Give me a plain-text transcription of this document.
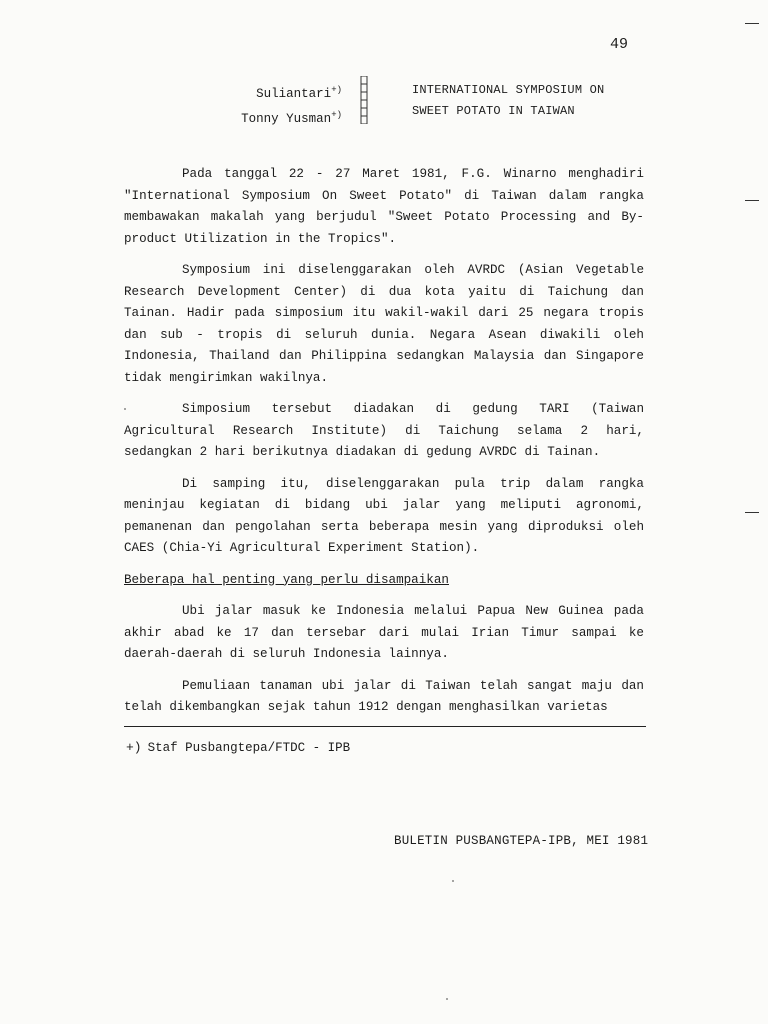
49
Suliantari+)
Tonny Yusman+)
INTERNATIONAL SYMPOSIUM ON
SWEET POTATO IN TAIWAN

Pada tanggal 22 - 27 Maret 1981, F.G. Winarno menghadiri "International Symposium On Sweet Potato" di Taiwan dalam rangka membawakan makalah yang berjudul "Sweet Potato Processing and By-product Utilization in the Tropics".

Symposium ini diselenggarakan oleh AVRDC (Asian Vegetable Research Development Center) di dua kota yaitu di Taichung dan Tainan. Hadir pada simposium itu wakil-wakil dari 25 negara tropis dan sub - tropis di seluruh dunia. Negara Asean diwakili oleh Indonesia, Thailand dan Philippina sedangkan Malaysia dan Singapore tidak mengirimkan wakilnya.

Simposium tersebut diadakan di gedung TARI (Taiwan Agricultural Research Institute) di Taichung selama 2 hari, sedangkan 2 hari berikutnya diadakan di gedung AVRDC di Tainan.

Di samping itu, diselenggarakan pula trip dalam rangka meninjau kegiatan di bidang ubi jalar yang meliputi agronomi, pemanenan dan pengolahan serta beberapa mesin yang diproduksi oleh CAES (Chia-Yi Agricultural Experiment Station).

Beberapa hal penting yang perlu disampaikan

Ubi jalar masuk ke Indonesia melalui Papua New Guinea pada akhir abad ke 17 dan tersebar dari mulai Irian Timur sampai ke daerah-daerah di seluruh Indonesia lainnya.

Pemuliaan tanaman ubi jalar di Taiwan telah sangat maju dan telah dikembangkan sejak tahun 1912 dengan menghasilkan varietas

+) Staf Pusbangtepa/FTDC - IPB
BULETIN PUSBANGTEPA-IPB, MEI 1981
